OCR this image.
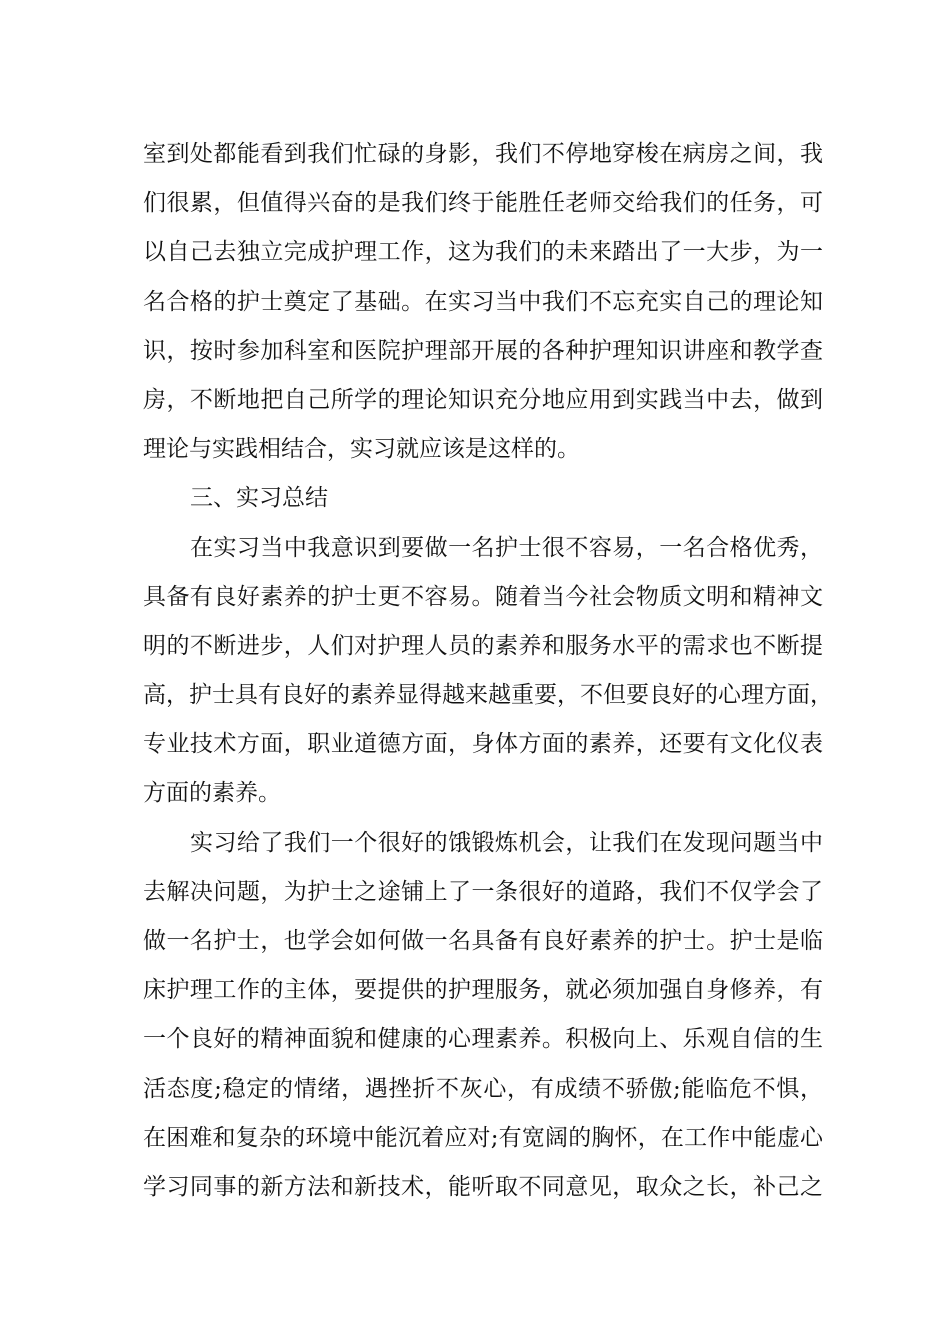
室到处都能看到我们忙碌的身影，我们不停地穿梭在病房之间，我
们很累，但值得兴奋的是我们终于能胜任老师交给我们的任务，可
以自己去独立完成护理工作，这为我们的未来踏出了一大步，为一
名合格的护士奠定了基础。在实习当中我们不忘充实自己的理论知
识，按时参加科室和医院护理部开展的各种护理知识讲座和教学查
房，不断地把自己所学的理论知识充分地应用到实践当中去，做到
理论与实践相结合，实习就应该是这样的。
三、实习总结
在实习当中我意识到要做一名护士很不容易，一名合格优秀，
具备有良好素养的护士更不容易。随着当今社会物质文明和精神文
明的不断进步，人们对护理人员的素养和服务水平的需求也不断提
高，护士具有良好的素养显得越来越重要，不但要良好的心理方面，
专业技术方面，职业道德方面，身体方面的素养，还要有文化仪表
方面的素养。
实习给了我们一个很好的饿锻炼机会，让我们在发现问题当中
去解决问题，为护士之途铺上了一条很好的道路，我们不仅学会了
做一名护士，也学会如何做一名具备有良好素养的护士。护士是临
床护理工作的主体，要提供的护理服务，就必须加强自身修养，有
一个良好的精神面貌和健康的心理素养。积极向上、乐观自信的生
活态度;稳定的情绪，遇挫折不灰心，有成绩不骄傲;能临危不惧，
在困难和复杂的环境中能沉着应对;有宽阔的胸怀，在工作中能虚心
学习同事的新方法和新技术，能听取不同意见，取众之长，补己之
